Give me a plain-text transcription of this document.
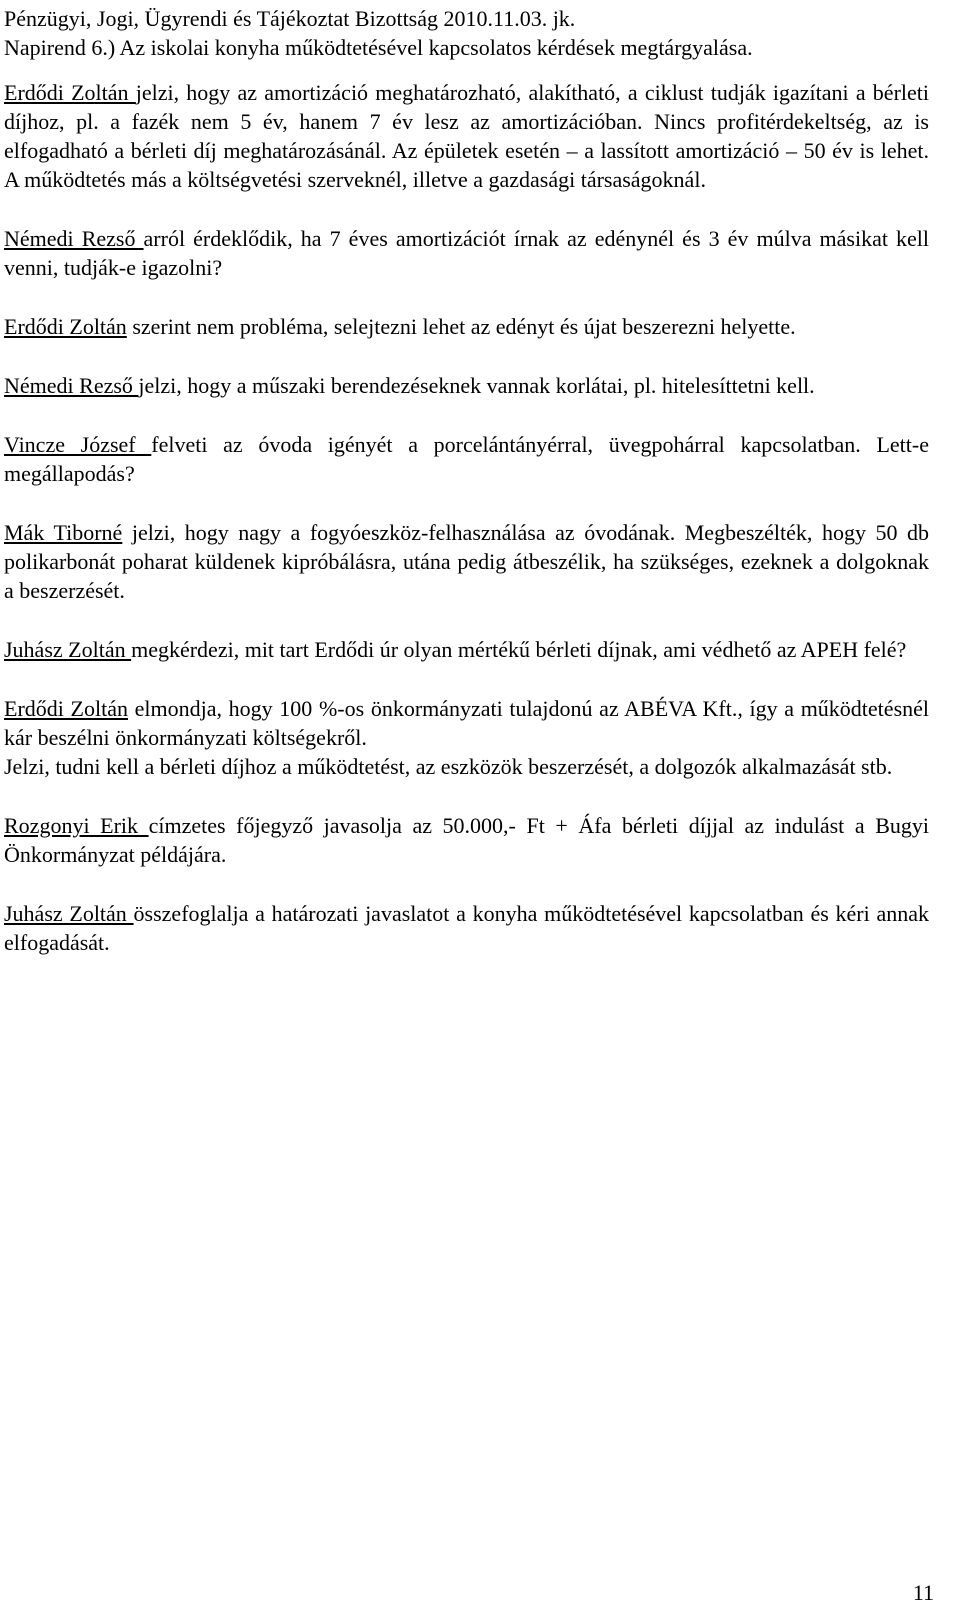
Pénzügyi, Jogi, Ügyrendi és Tájékoztat Bizottság 2010.11.03. jk.
Napirend 6.) Az iskolai konyha működtetésével kapcsolatos kérdések megtárgyalása.

Erdődi Zoltán jelzi, hogy az amortizáció meghatározható, alakítható, a ciklust tudják igazítani a bérleti díjhoz, pl. a fazék nem 5 év, hanem 7 év lesz az amortizációban. Nincs profitérdekeltség, az is elfogadható a bérleti díj meghatározásánál. Az épületek esetén – a lassított amortizáció – 50 év is lehet. A működtetés más a költségvetési szerveknél, illetve a gazdasági társaságoknál.

Némedi Rezső arról érdeklődik, ha 7 éves amortizációt írnak az edénynél és 3 év múlva másikat kell venni, tudják-e igazolni?

Erdődi Zoltán szerint nem probléma, selejtezni lehet az edényt és újat beszerezni helyette.

Némedi Rezső jelzi, hogy a műszaki berendezéseknek vannak korlátai, pl. hitelesíttetni kell.

Vincze József felveti az óvoda igényét a porcelántányérral, üvegpohárral kapcsolatban. Lett-e megállapodás?

Mák Tiborné jelzi, hogy nagy a fogyóeszköz-felhasználása az óvodának. Megbeszélték, hogy 50 db polikarbonát poharat küldenek kipróbálásra, utána pedig átbeszélik, ha szükséges, ezeknek a dolgoknak a beszerzését.

Juhász Zoltán megkérdezi, mit tart Erdődi úr olyan mértékű bérleti díjnak, ami védhető az APEH felé?

Erdődi Zoltán elmondja, hogy 100 %-os önkormányzati tulajdonú az ABÉVA Kft., így a működtetésnél kár beszélni önkormányzati költségekről.

Jelzi, tudni kell a bérleti díjhoz a működtetést, az eszközök beszerzését, a dolgozók alkalmazását stb.

Rozgonyi Erik címzetes főjegyző javasolja az 50.000,- Ft + Áfa bérleti díjjal az indulást a Bugyi Önkormányzat példájára.

Juhász Zoltán összefoglalja a határozati javaslatot a konyha működtetésével kapcsolatban és kéri annak elfogadását.

11
